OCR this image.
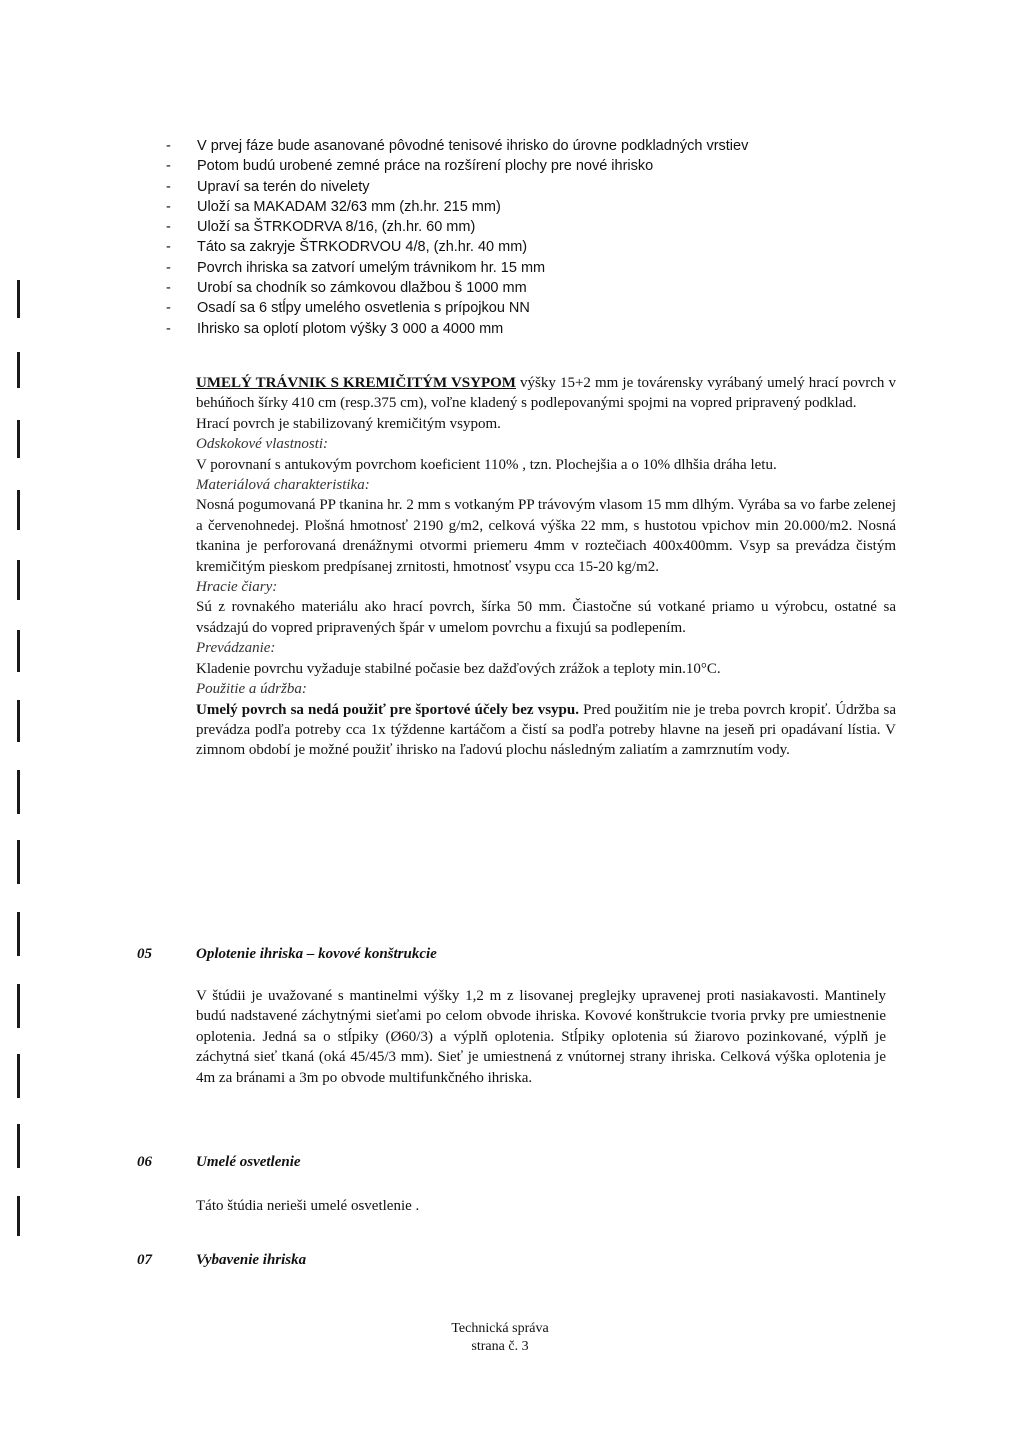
- V prvej fáze bude asanované pôvodné tenisové ihrisko do úrovne podkladných vrstiev
- Potom budú urobené zemné práce na rozšírení plochy pre nové ihrisko
- Upraví sa terén do nivelety
- Uloží sa MAKADAM 32/63 mm (zh.hr. 215 mm)
- Uloží sa ŠTRKODRVA 8/16, (zh.hr. 60 mm)
- Táto sa zakryje ŠTRKODRVOU 4/8, (zh.hr. 40 mm)
- Povrch ihriska sa zatvorí umelým trávnikom hr. 15 mm
- Urobí sa chodník so zámkovou dlažbou š 1000 mm
- Osadí sa 6 stĺpy umelého osvetlenia s prípojkou NN
- Ihrisko sa oplotí plotom výšky 3 000 a 4000 mm

UMELÝ TRÁVNIK S KREMIČITÝM VSYPOM výšky 15+2 mm je továrensky vyrábaný umelý hrací povrch v behúňoch šírky 410 cm (resp.375 cm), voľne kladený s podlepovanými spojmi na vopred pripravený podklad.

Hrací povrch je stabilizovaný kremičitým vsypom.

Odskokové vlastnosti:

V porovnaní s antukovým povrchom koeficient 110% , tzn. Plochejšia a o 10% dlhšia dráha letu.

Materiálová charakteristika:

Nosná pogumovaná PP tkanina hr. 2 mm s votkaným PP trávovým vlasom 15 mm dlhým. Vyrába sa vo farbe zelenej a červenohnedej. Plošná hmotnosť 2190 g/m2, celková výška 22 mm, s hustotou vpichov min 20.000/m2. Nosná tkanina je perforovaná drenážnymi otvormi priemeru 4mm v roztečiach 400x400mm. Vsyp sa prevádza čistým kremičitým pieskom predpísanej zrnitosti, hmotnosť vsypu cca 15-20 kg/m2.

Hracie čiary:

Sú z rovnakého materiálu ako hrací povrch, šírka 50 mm. Čiastočne sú votkané priamo u výrobcu, ostatné sa vsádzajú do vopred pripravených špár v umelom povrchu a fixujú sa podlepením.

Prevádzanie:

Kladenie povrchu vyžaduje stabilné počasie bez dažďových zrážok a teploty min.10°C.

Použitie a údržba:

Umelý povrch sa nedá použiť pre športové účely bez vsypu. Pred použitím nie je treba povrch kropiť. Údržba sa prevádza podľa potreby cca 1x týždenne kartáčom a čistí sa podľa potreby hlavne na jeseň pri opadávaní lístia. V zimnom období je možné použiť ihrisko na ľadovú plochu následným zaliatím a zamrznutím vody.

05	Oplotenie ihriska – kovové konštrukcie

V štúdii je uvažované s mantinelmi výšky 1,2 m z lisovanej preglejky upravenej proti nasiakavosti. Mantinely budú nadstavené záchytnými sieťami po celom obvode ihriska. Kovové konštrukcie tvoria prvky pre umiestnenie oplotenia. Jedná sa o stĺpiky (Ø60/3) a výplň oplotenia. Stĺpiky oplotenia sú žiarovo pozinkované, výplň je záchytná sieť tkaná (oká 45/45/3 mm). Sieť je umiestnená z vnútornej strany ihriska. Celková výška oplotenia je 4m za bránami a 3m po obvode multifunkčného ihriska.

06	Umelé osvetlenie

Táto štúdia nerieši umelé osvetlenie .

07	Vybavenie ihriska
Technická správa
strana č. 3
